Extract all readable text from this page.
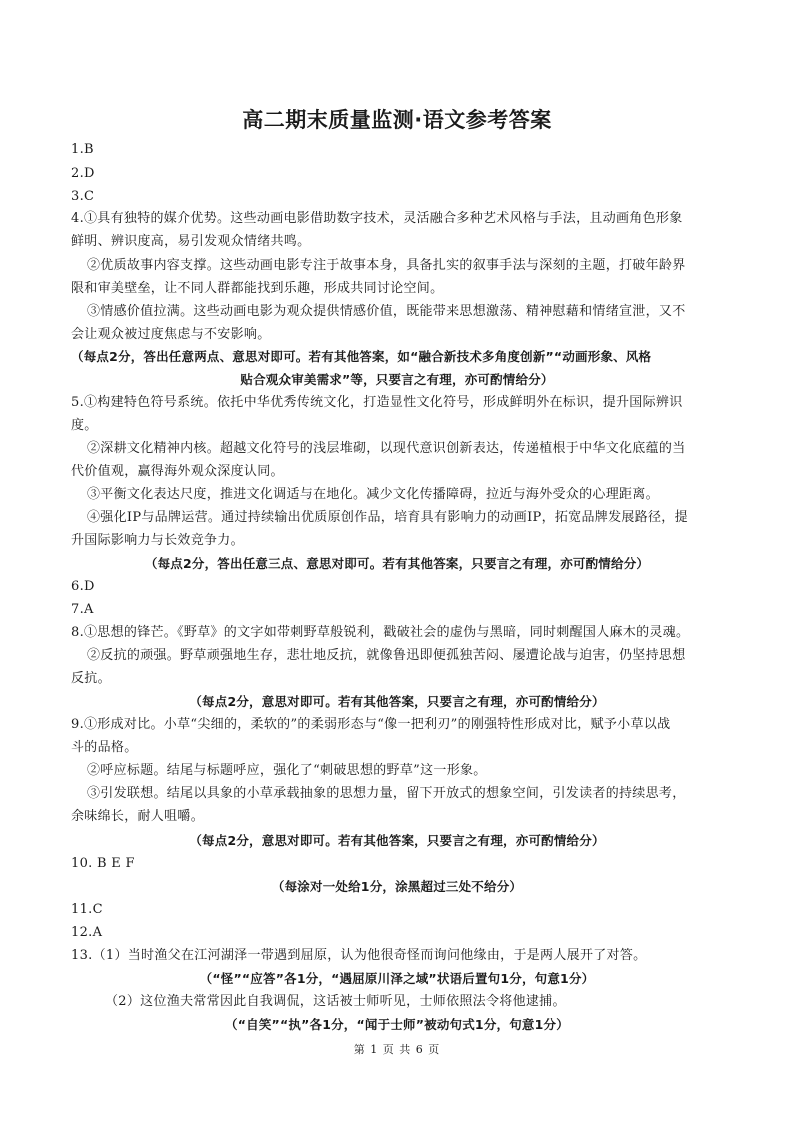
高二期末质量监测·语文参考答案
1.B
2.D
3.C
4.①具有独特的媒介优势。这些动画电影借助数字技术，灵活融合多种艺术风格与手法，且动画角色形象
鲜明、辨识度高，易引发观众情绪共鸣。
②优质故事内容支撑。这些动画电影专注于故事本身，具备扎实的叙事手法与深刻的主题，打破年龄界
限和审美壁垒，让不同人群都能找到乐趣，形成共同讨论空间。
③情感价值拉满。这些动画电影为观众提供情感价值，既能带来思想激荡、精神慰藉和情绪宣泄，又不
会让观众被过度焦虑与不安影响。
（每点2分，答出任意两点、意思对即可。若有其他答案，如“融合新技术多角度创新”“动画形象、风格
贴合观众审美需求”等，只要言之有理，亦可酌情给分）
5.①构建特色符号系统。依托中华优秀传统文化，打造显性文化符号，形成鲜明外在标识，提升国际辨识
度。
②深耕文化精神内核。超越文化符号的浅层堆砌，以现代意识创新表达，传递植根于中华文化底蕴的当
代价值观，赢得海外观众深度认同。
③平衡文化表达尺度，推进文化调适与在地化。减少文化传播障碍，拉近与海外受众的心理距离。
④强化IP与品牌运营。通过持续输出优质原创作品，培育具有影响力的动画IP，拓宽品牌发展路径，提
升国际影响力与长效竞争力。
（每点2分，答出任意三点、意思对即可。若有其他答案，只要言之有理，亦可酌情给分）
6.D
7.A
8.①思想的锋芒。《野草》的文字如带刺野草般锐利，戳破社会的虚伪与黑暗，同时刺醒国人麻木的灵魂。
②反抗的顽强。野草顽强地生存，悲壮地反抗，就像鲁迅即便孤独苦闷、屡遭论战与迫害，仍坚持思想
反抗。
（每点2分，意思对即可。若有其他答案，只要言之有理，亦可酌情给分）
9.①形成对比。小草“尖细的，柔软的”的柔弱形态与“像一把利刃”的刚强特性形成对比，赋予小草以战
斗的品格。
②呼应标题。结尾与标题呼应，强化了“刺破思想的野草”这一形象。
③引发联想。结尾以具象的小草承载抽象的思想力量，留下开放式的想象空间，引发读者的持续思考，
余味绵长，耐人咀嚼。
（每点2分，意思对即可。若有其他答案，只要言之有理，亦可酌情给分）
10. B E F
（每涂对一处给1分，涂黑超过三处不给分）
11.C
12.A
13.（1）当时渔父在江河湖泽一带遇到屈原，认为他很奇怪而询问他缘由，于是两人展开了对答。
（“怪”“应答”各1分，“遇屈原川泽之域”状语后置句1分，句意1分）
（2）这位渔夫常常因此自我调侃，这话被士师听见，士师依照法令将他逮捕。
（“自笑”“执”各1分，“闻于士师”被动句式1分，句意1分）
第 1 页 共 6 页
